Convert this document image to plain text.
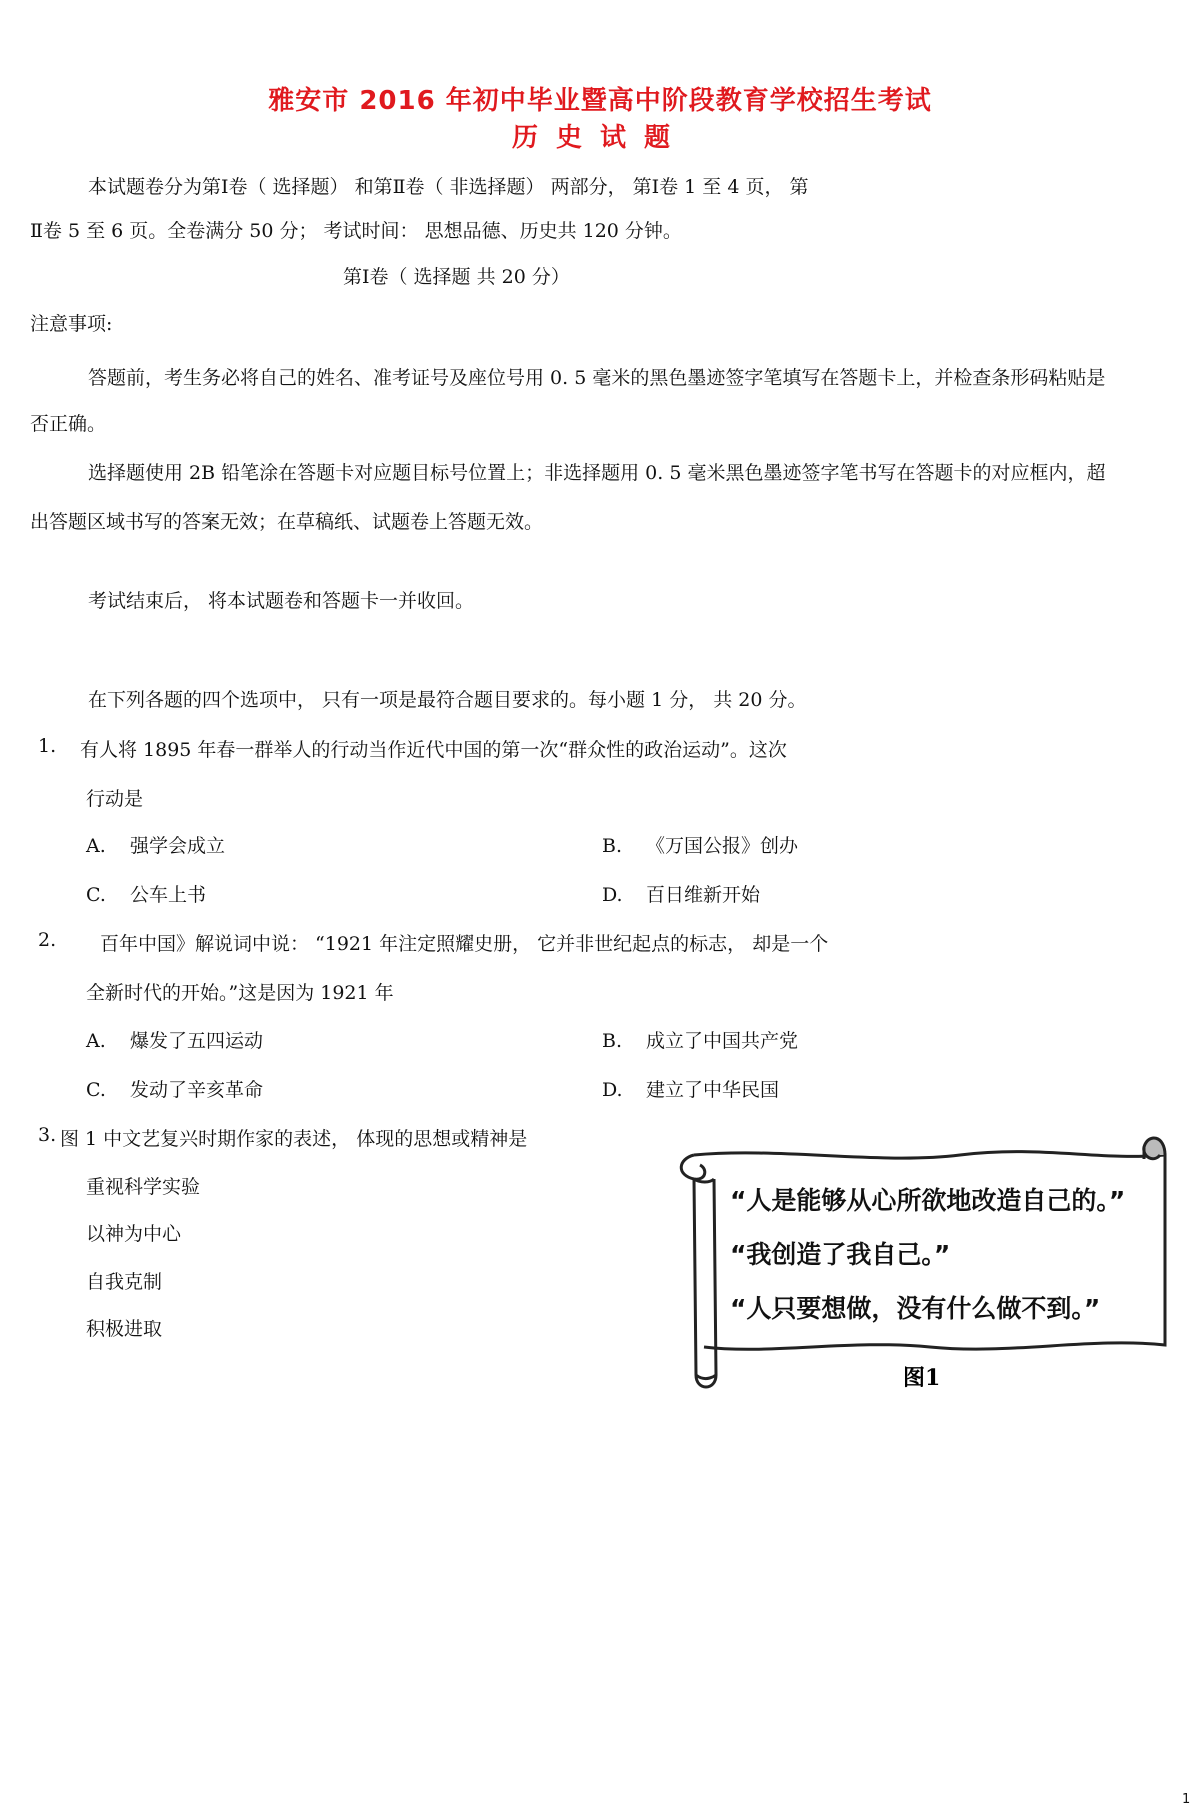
雅安市 2016 年初中毕业暨高中阶段教育学校招生考试
历史试题
本试题卷分为第Ⅰ卷（ 选择题） 和第Ⅱ卷（ 非选择题） 两部分， 第Ⅰ卷 1 至 4 页， 第
Ⅱ卷 5 至 6 页。全卷满分 50 分； 考试时间： 思想品德、历史共 120 分钟。
第Ⅰ卷（ 选择题 共 20 分）
注意事项:
答题前，考生务必将自己的姓名、准考证号及座位号用 0. 5 毫米的黑色墨迹签字笔填写在答题卡上，并检查条形码粘贴是
否正确。
选择题使用 2B 铅笔涂在答题卡对应题目标号位置上；非选择题用 0. 5 毫米黑色墨迹签字笔书写在答题卡的对应框内，超
出答题区域书写的答案无效；在草稿纸、试题卷上答题无效。
考试结束后， 将本试题卷和答题卡一并收回。
在下列各题的四个选项中， 只有一项是最符合题目要求的。每小题 1 分， 共 20 分。
1. 有人将 1895 年春一群举人的行动当作近代中国的第一次“群众性的政治运动”。这次
行动是
A. 强学会成立	B. 《万国公报》创办
C. 公车上书	D. 百日维新开始
2. 百年中国》解说词中说： “1921 年注定照耀史册， 它并非世纪起点的标志， 却是一个
全新时代的开始。”这是因为 1921 年
A. 爆发了五四运动	B. 成立了中国共产党
C. 发动了辛亥革命	D. 建立了中华民国
3. 图 1 中文艺复兴时期作家的表述， 体现的思想或精神是
重视科学实验
以神为中心
自我克制
积极进取
“人是能够从心所欲地改造自己的。”
“我创造了我自己。”
“人只要想做，没有什么做不到。”
图1
1
